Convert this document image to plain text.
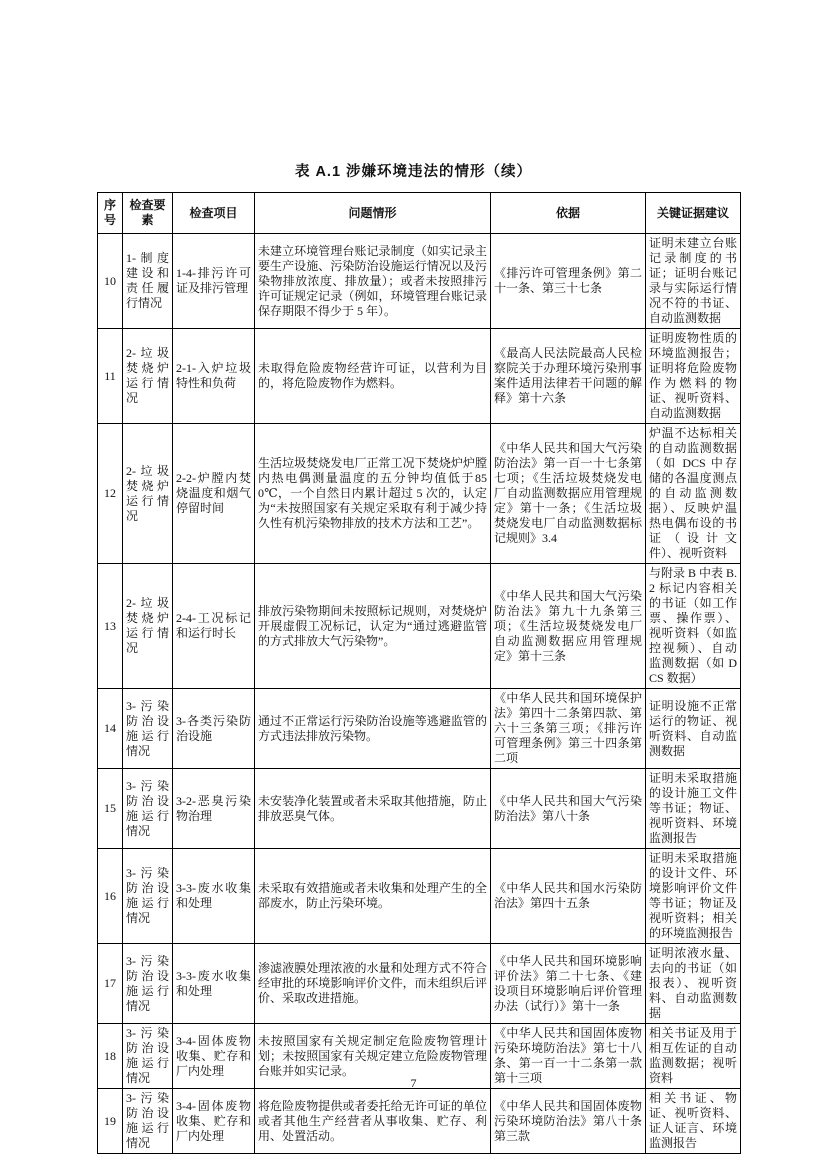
表 A.1 涉嫌环境违法的情形（续）
序号	检查要素	检查项目	问题情形	依据	关键证据建议
10	1-制度建设和责任履行情况	1-4-排污许可证及排污管理	未建立环境管理台账记录制度（如实记录主要生产设施、污染防治设施运行情况以及污染物排放浓度、排放量）；或者未按照排污许可证规定记录（例如，环境管理台账记录保存期限不得少于 5 年）。	《排污许可管理条例》第二十一条、第三十七条	证明未建立台账记录制度的书证；证明台账记录与实际运行情况不符的书证、自动监测数据
11	2-垃圾焚烧炉运行情况	2-1-入炉垃圾特性和负荷	未取得危险废物经营许可证，以营利为目的，将危险废物作为燃料。	《最高人民法院最高人民检察院关于办理环境污染刑事案件适用法律若干问题的解释》第十六条	证明废物性质的环境监测报告；证明将危险废物作为燃料的物证、视听资料、自动监测数据
12	2-垃圾焚烧炉运行情况	2-2-炉膛内焚烧温度和烟气停留时间	生活垃圾焚烧发电厂正常工况下焚烧炉炉膛内热电偶测量温度的五分钟均值低于850℃，一个自然日内累计超过 5 次的，认定为“未按照国家有关规定采取有利于减少持久性有机污染物排放的技术方法和工艺”。	《中华人民共和国大气污染防治法》第一百一十七条第七项；《生活垃圾焚烧发电厂自动监测数据应用管理规定》第十一条；《生活垃圾焚烧发电厂自动监测数据标记规则》3.4	炉温不达标相关的自动监测数据（如 DCS 中存储的各温度测点的自动监测数据）、反映炉温热电偶布设的书证（设计文件）、视听资料
13	2-垃圾焚烧炉运行情况	2-4-工况标记和运行时长	排放污染物期间未按照标记规则，对焚烧炉开展虚假工况标记，认定为“通过逃避监管的方式排放大气污染物”。	《中华人民共和国大气污染防治法》第九十九条第三项；《生活垃圾焚烧发电厂自动监测数据应用管理规定》第十三条	与附录 B 中表 B.2 标记内容相关的书证（如工作票、操作票）、视听资料（如监控视频）、自动监测数据（如 DCS 数据）
14	3-污染防治设施运行情况	3-各类污染防治设施	通过不正常运行污染防治设施等逃避监管的方式违法排放污染物。	《中华人民共和国环境保护法》第四十二条第四款、第六十三条第三项；《排污许可管理条例》第三十四条第二项	证明设施不正常运行的物证、视听资料、自动监测数据
15	3-污染防治设施运行情况	3-2-恶臭污染物治理	未安装净化装置或者未采取其他措施，防止排放恶臭气体。	《中华人民共和国大气污染防治法》第八十条	证明未采取措施的设计施工文件等书证；物证、视听资料、环境监测报告
16	3-污染防治设施运行情况	3-3-废水收集和处理	未采取有效措施或者未收集和处理产生的全部废水，防止污染环境。	《中华人民共和国水污染防治法》第四十五条	证明未采取措施的设计文件、环境影响评价文件等书证；物证及视听资料；相关的环境监测报告
17	3-污染防治设施运行情况	3-3-废水收集和处理	渗滤液膜处理浓液的水量和处理方式不符合经审批的环境影响评价文件，而未组织后评价、采取改进措施。	《中华人民共和国环境影响评价法》第二十七条、《建设项目环境影响后评价管理办法（试行）》第十一条	证明浓液水量、去向的书证（如报表）、视听资料、自动监测数据
18	3-污染防治设施运行情况	3-4-固体废物收集、贮存和厂内处理	未按照国家有关规定制定危险废物管理计划；未按照国家有关规定建立危险废物管理台账并如实记录。	《中华人民共和国固体废物污染环境防治法》第七十八条、第一百一十二条第一款第十三项	相关书证及用于相互佐证的自动监测数据；视听资料
19	3-污染防治设施运行情况	3-4-固体废物收集、贮存和厂内处理	将危险废物提供或者委托给无许可证的单位或者其他生产经营者从事收集、贮存、利用、处置活动。	《中华人民共和国固体废物污染环境防治法》第八十条第三款	相关书证、物证、视听资料、证人证言、环境监测报告
7
